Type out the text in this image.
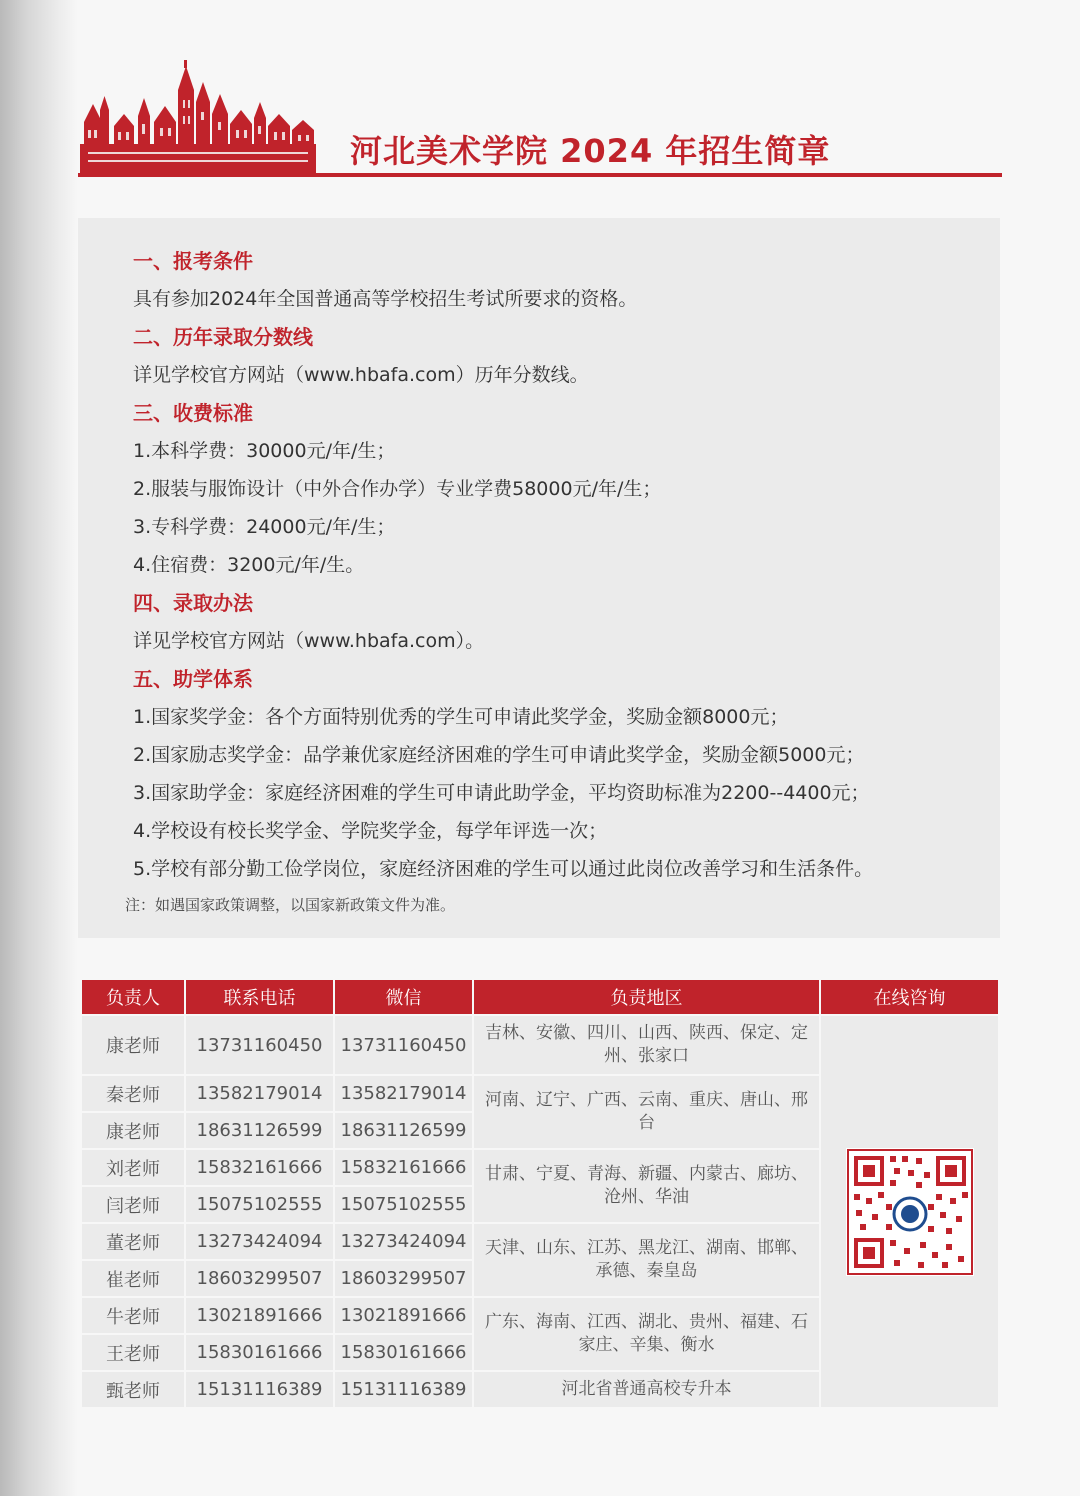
河北美术学院 2024 年招生简章
一、报考条件
具有参加2024年全国普通高等学校招生考试所要求的资格。
二、历年录取分数线
详见学校官方网站（www.hbafa.com）历年分数线。
三、收费标准
1.本科学费：30000元/年/生；
2.服装与服饰设计（中外合作办学）专业学费58000元/年/生；
3.专科学费：24000元/年/生；
4.住宿费：3200元/年/生。
四、录取办法
详见学校官方网站（www.hbafa.com）。
五、助学体系
1.国家奖学金：各个方面特别优秀的学生可申请此奖学金，奖励金额8000元；
2.国家励志奖学金：品学兼优家庭经济困难的学生可申请此奖学金，奖励金额5000元；
3.国家助学金：家庭经济困难的学生可申请此助学金，平均资助标准为2200--4400元；
4.学校设有校长奖学金、学院奖学金，每学年评选一次；
5.学校有部分勤工俭学岗位，家庭经济困难的学生可以通过此岗位改善学习和生活条件。
注：如遇国家政策调整，以国家新政策文件为准。
负责人	联系电话	微信	负责地区	在线咨询
康老师	13731160450	13731160450	吉林、安徽、四川、山西、陕西、保定、定州、张家口	

秦老师	13582179014	13582179014	河南、辽宁、广西、云南、重庆、唐山、邢台	
康老师	18631126599	18631126599		
刘老师	15832161666	15832161666	甘肃、宁夏、青海、新疆、内蒙古、廊坊、沧州、华油	
闫老师	15075102555	15075102555		
董老师	13273424094	13273424094	天津、山东、江苏、黑龙江、湖南、邯郸、承德、秦皇岛	
崔老师	18603299507	18603299507		
牛老师	13021891666	13021891666	广东、海南、江西、湖北、贵州、福建、石家庄、辛集、衡水	
王老师	15830161666	15830161666		
甄老师	15131116389	15131116389	河北省普通高校专升本	
